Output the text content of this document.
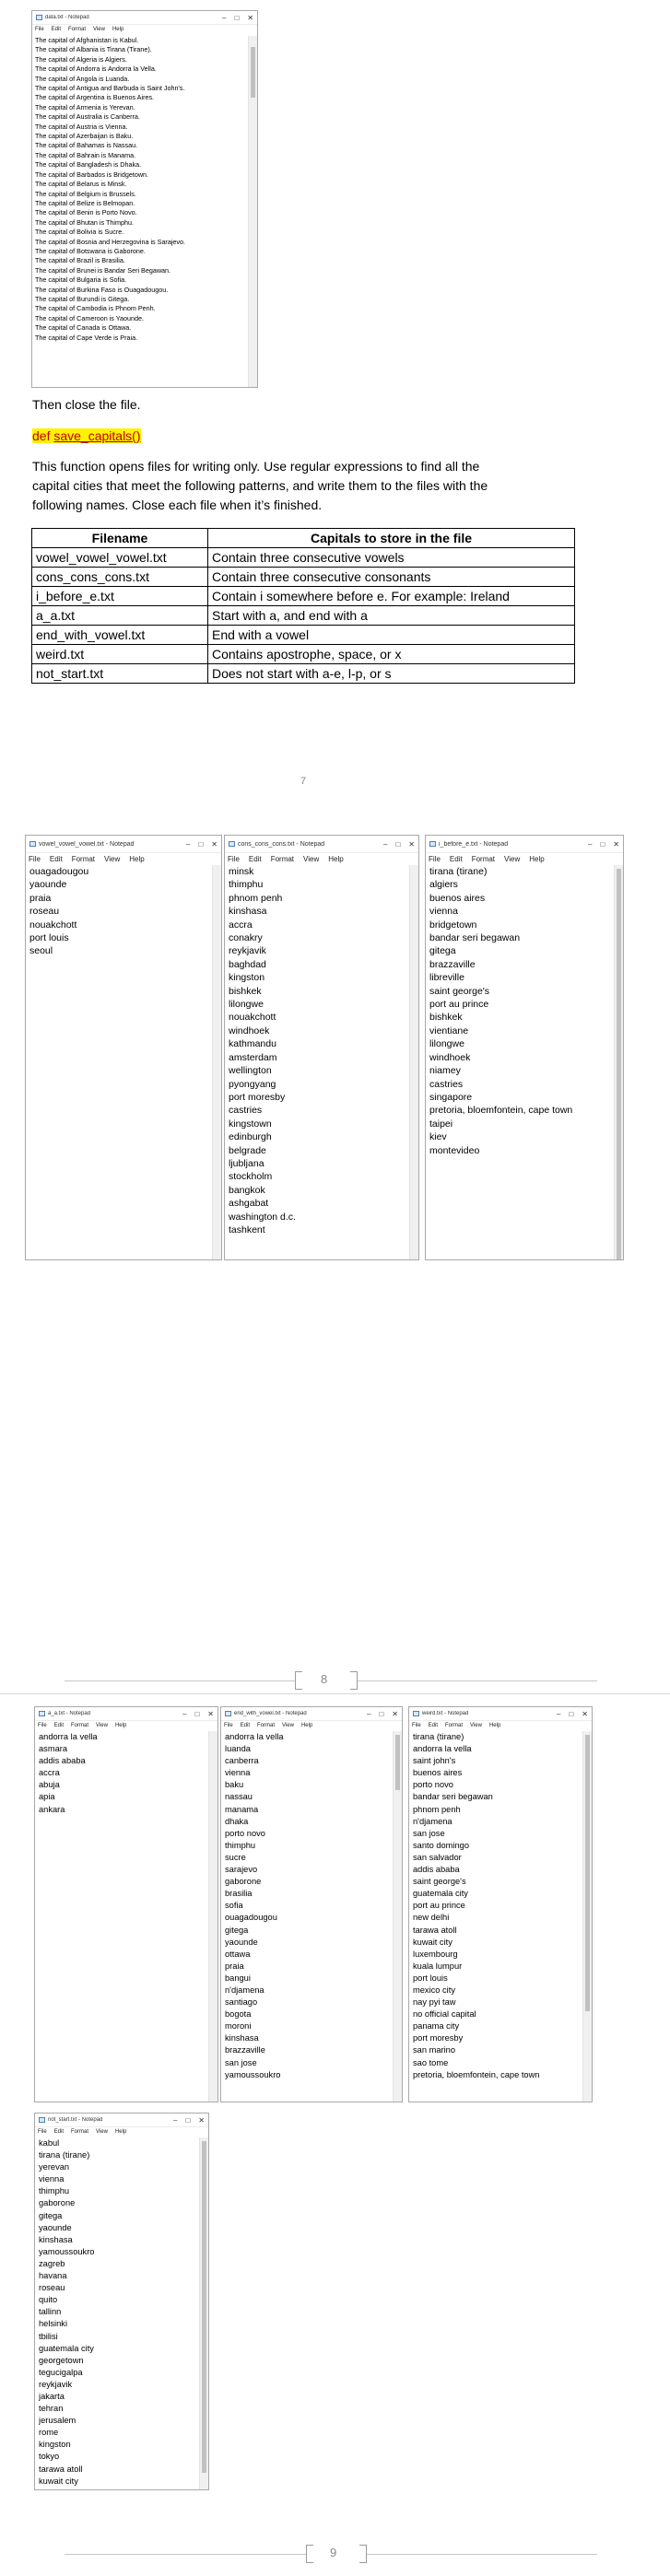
data.txt - Notepad	– □ ✕
File Edit Format View Help
The capital of Afghanistan is Kabul.
The capital of Albania is Tirana (Tirane).
The capital of Algeria is Algiers.
The capital of Andorra is Andorra la Vella.
The capital of Angola is Luanda.
The capital of Antigua and Barbuda is Saint John's.
The capital of Argentina is Buenos Aires.
The capital of Armenia is Yerevan.
The capital of Australia is Canberra.
The capital of Austria is Vienna.
The capital of Azerbaijan is Baku.
The capital of Bahamas is Nassau.
The capital of Bahrain is Manama.
The capital of Bangladesh is Dhaka.
The capital of Barbados is Bridgetown.
The capital of Belarus is Minsk.
The capital of Belgium is Brussels.
The capital of Belize is Belmopan.
The capital of Benin is Porto Novo.
The capital of Bhutan is Thimphu.
The capital of Bolivia is Sucre.
The capital of Bosnia and Herzegovina is Sarajevo.
The capital of Botswana is Gaborone.
The capital of Brazil is Brasilia.
The capital of Brunei is Bandar Seri Begawan.
The capital of Bulgaria is Sofia.
The capital of Burkina Faso is Ouagadougou.
The capital of Burundi is Gitega.
The capital of Cambodia is Phnom Penh.
The capital of Cameroon is Yaounde.
The capital of Canada is Ottawa.
The capital of Cape Verde is Praia.
Then close the file.
def save_capitals()
This function opens files for writing only. Use regular expressions to find all the
capital cities that meet the following patterns, and write them to the files with the
following names. Close each file when it’s finished.
Filename	Capitals to store in the file
vowel_vowel_vowel.txt	Contain three consecutive vowels
cons_cons_cons.txt	Contain three consecutive consonants
i_before_e.txt	Contain i somewhere before e. For example: Ireland
a_a.txt	Start with a, and end with a
end_with_vowel.txt	End with a vowel
weird.txt	Contains apostrophe, space, or x
not_start.txt	Does not start with a-e, l-p, or s
7
vowel_vowel_vowel.txt - Notepad	– □ ✕
File Edit Format View Help
ouagadougou
yaounde
praia
roseau
nouakchott
port louis
seoul
cons_cons_cons.txt - Notepad	– □ ✕
File Edit Format View Help
minsk
thimphu
phnom penh
kinshasa
accra
conakry
reykjavik
baghdad
kingston
bishkek
lilongwe
nouakchott
windhoek
kathmandu
amsterdam
wellington
pyongyang
port moresby
castries
kingstown
edinburgh
belgrade
ljubljana
stockholm
bangkok
ashgabat
washington d.c.
tashkent
i_before_e.txt - Notepad	– □ ✕
File Edit Format View Help
tirana (tirane)
algiers
buenos aires
vienna
bridgetown
bandar seri begawan
gitega
brazzaville
libreville
saint george's
port au prince
bishkek
vientiane
lilongwe
windhoek
niamey
castries
singapore
pretoria, bloemfontein, cape town
taipei
kiev
montevideo
8
a_a.txt - Notepad	– □ ✕
File Edit Format View Help
andorra la vella
asmara
addis ababa
accra
abuja
apia
ankara
end_with_vowel.txt - Notepad	– □ ✕
File Edit Format View Help
andorra la vella
luanda
canberra
vienna
baku
nassau
manama
dhaka
porto novo
thimphu
sucre
sarajevo
gaborone
brasilia
sofia
ouagadougou
gitega
yaounde
ottawa
praia
bangui
n'djamena
santiago
bogota
moroni
kinshasa
brazzaville
san jose
yamoussoukro
weird.txt - Notepad	– □ ✕
File Edit Format View Help
tirana (tirane)
andorra la vella
saint john's
buenos aires
porto novo
bandar seri begawan
phnom penh
n'djamena
san jose
santo domingo
san salvador
addis ababa
saint george's
guatemala city
port au prince
new delhi
tarawa atoll
kuwait city
luxembourg
kuala lumpur
port louis
mexico city
nay pyi taw
no official capital
panama city
port moresby
san marino
sao tome
pretoria, bloemfontein, cape town
not_start.txt - Notepad	– □ ✕
File Edit Format View Help
kabul
tirana (tirane)
yerevan
vienna
thimphu
gaborone
gitega
yaounde
kinshasa
yamoussoukro
zagreb
havana
roseau
quito
tallinn
helsinki
tbilisi
guatemala city
georgetown
tegucigalpa
reykjavik
jakarta
tehran
jerusalem
rome
kingston
tokyo
tarawa atoll
kuwait city
9
